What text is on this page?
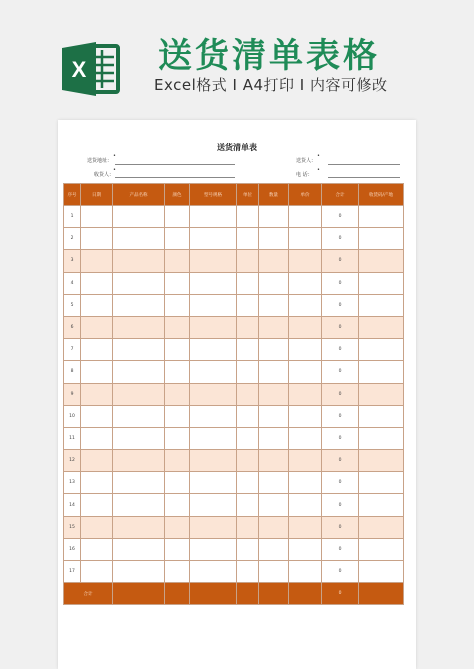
X 送货清单表格
Excel格式 I A4打印 I 内容可修改
送货清单表
送货地址：
•
送货人：
•
收货人：
•
电 话：
•
序号	日期	产品名称	颜色	型号规格	单位	数量	单价	合计	收货码/产地
1								0	
2								0	
3								0	
4								0	
5								0	
6								0	
7								0	
8								0	
9								0	
10								0	
11								0	
12								0	
13								0	
14								0	
15								0	
16								0	
17								0	
合计								0	
